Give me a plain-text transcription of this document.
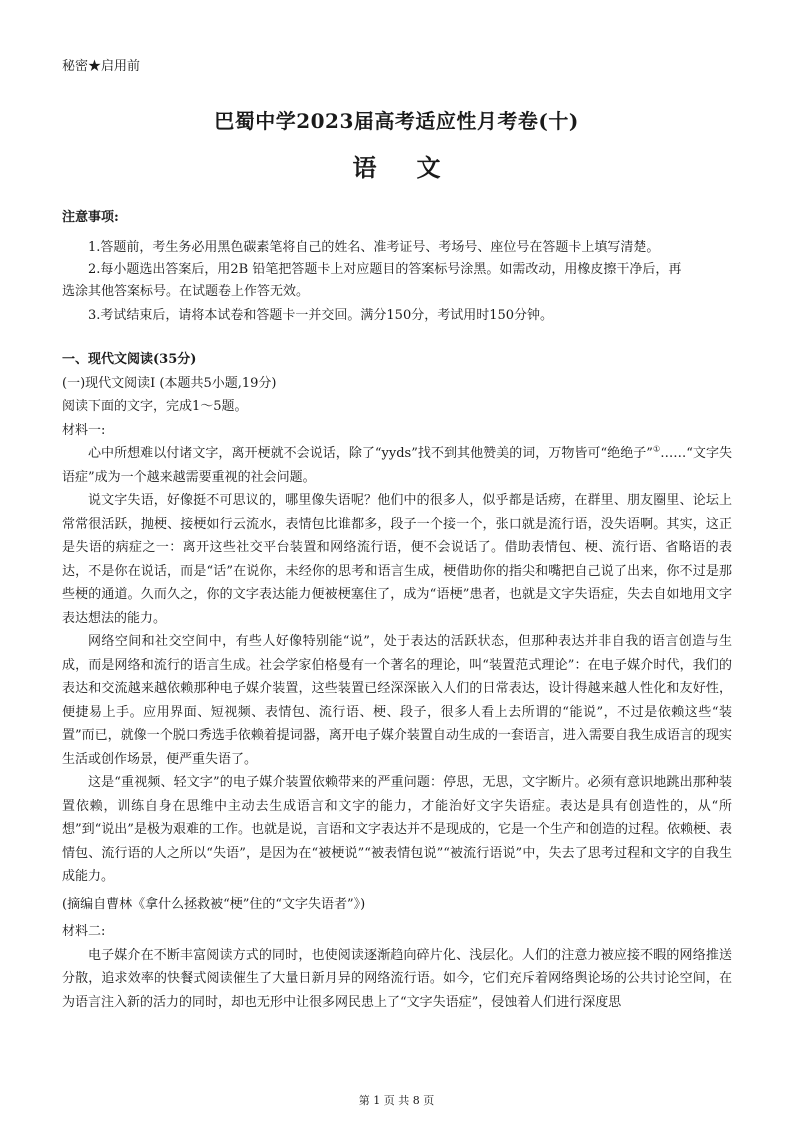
秘密★启用前
巴蜀中学2023届高考适应性月考卷(十)
语文
注意事项:
1.答题前，考生务必用黑色碳素笔将自己的姓名、准考证号、考场号、座位号在答题卡上填写清楚。
2.每小题选出答案后，用2B 铅笔把答题卡上对应题目的答案标号涂黑。如需改动，用橡皮擦干净后，再
选涂其他答案标号。在试题卷上作答无效。
3.考试结束后，请将本试卷和答题卡一并交回。满分150分，考试用时150分钟。

一、现代文阅读(35分)

(一)现代文阅读Ⅰ (本题共5小题,19分)

阅读下面的文字，完成1～5题。

材料一:

心中所想难以付诸文字，离开梗就不会说话，除了“yyds”找不到其他赞美的词，万物皆可“绝绝子”①……“文字失语症”成为一个越来越需要重视的社会问题。

说文字失语，好像挺不可思议的，哪里像失语呢？他们中的很多人，似乎都是话痨，在群里、朋友圈里、论坛上常常很活跃，抛梗、接梗如行云流水，表情包比谁都多，段子一个接一个，张口就是流行语，没失语啊。其实，这正是失语的病症之一：离开这些社交平台装置和网络流行语，便不会说话了。借助表情包、梗、流行语、省略语的表达，不是你在说话，而是“话”在说你，未经你的思考和语言生成，梗借助你的指尖和嘴把自己说了出来，你不过是那些梗的通道。久而久之，你的文字表达能力便被梗塞住了，成为“语梗”患者，也就是文字失语症，失去自如地用文字表达想法的能力。

网络空间和社交空间中，有些人好像特别能“说”，处于表达的活跃状态，但那种表达并非自我的语言创造与生成，而是网络和流行的语言生成。社会学家伯格曼有一个著名的理论，叫“装置范式理论”：在电子媒介时代，我们的表达和交流越来越依赖那种电子媒介装置，这些装置已经深深嵌入人们的日常表达，设计得越来越人性化和友好性，便捷易上手。应用界面、短视频、表情包、流行语、梗、段子，很多人看上去所谓的“能说”，不过是依赖这些“装置”而已，就像一个脱口秀选手依赖着提词器，离开电子媒介装置自动生成的一套语言，进入需要自我生成语言的现实生活或创作场景，便严重失语了。

这是“重视频、轻文字”的电子媒介装置依赖带来的严重问题：停思，无思，文字断片。必须有意识地跳出那种装置依赖，训练自身在思维中主动去生成语言和文字的能力，才能治好文字失语症。表达是具有创造性的，从“所想”到“说出”是极为艰难的工作。也就是说，言语和文字表达并不是现成的，它是一个生产和创造的过程。依赖梗、表情包、流行语的人之所以“失语”，是因为在“被梗说”“被表情包说”“被流行语说”中，失去了思考过程和文字的自我生成能力。

(摘编自曹林《拿什么拯救被“梗”住的“文字失语者”》)

材料二:

电子媒介在不断丰富阅读方式的同时，也使阅读逐渐趋向碎片化、浅层化。人们的注意力被应接不暇的网络推送分散，追求效率的快餐式阅读催生了大量日新月异的网络流行语。如今，它们充斥着网络舆论场的公共讨论空间，在为语言注入新的活力的同时，却也无形中让很多网民患上了“文字失语症”，侵蚀着人们进行深度思

第 1 页 共 8 页
